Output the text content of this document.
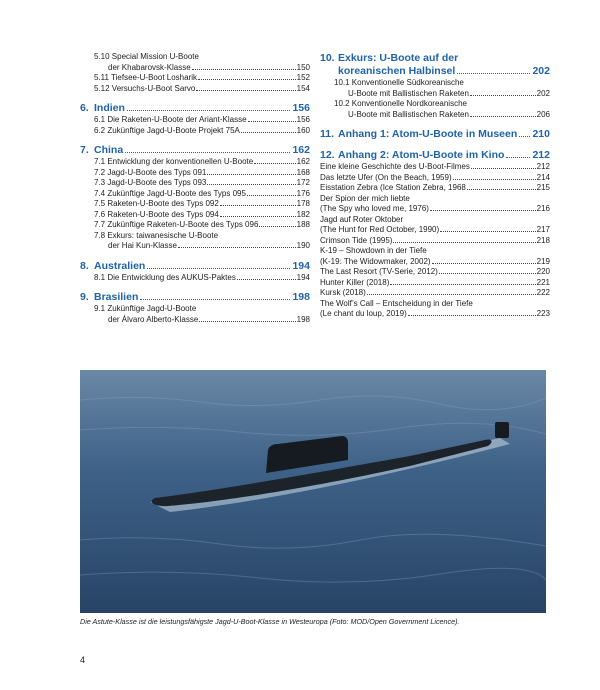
5.10 Special Mission U-Boote
der Khabarovsk-Klasse	150
5.11 Tiefsee-U-Boot Losharik	152
5.12 Versuchs-U-Boot Sarvo	154
6. Indien	156
6.1 Die Raketen-U-Boote der Ariant-Klasse	156
6.2 Zukünftige Jagd-U-Boote Projekt 75A	160
7. China	162
7.1 Entwicklung der konventionellen U-Boote	162
7.2 Jagd-U-Boote des Typs 091	168
7.3 Jagd-U-Boote des Typs 093	172
7.4 Zukünftige Jagd-U-Boote des Typs 095	176
7.5 Raketen-U-Boote des Typs 092	178
7.6 Raketen-U-Boote des Typs 094	182
7.7 Zukünftige Raketen-U-Boote des Typs 096	188
7.8 Exkurs: taiwanesische U-Boote
der Hai Kun-Klasse	190
8. Australien	194
8.1 Die Entwicklung des AUKUS-Paktes	194
9. Brasilien	198
9.1 Zukünftige Jagd-U-Boote
der Álvaro Alberto-Klasse	198
10. Exkurs: U-Boote auf der
koreanischen Halbinsel	202
10.1 Konventionelle Südkoreanische
U-Boote mit Ballistischen Raketen	202
10.2 Konventionelle Nordkoreanische
U-Boote mit Ballistischen Raketen	206
11. Anhang 1: Atom-U-Boote in Museen 210
12. Anhang 2: Atom-U-Boote im Kino	212
Eine kleine Geschichte des U-Boot-Filmes	212
Das letzte Ufer (On the Beach, 1959)	214
Eisstation Zebra (Ice Station Zebra, 1968	215
Der Spion der mich liebte
(The Spy who loved me, 1976)	216
Jagd auf Roter Oktober
(The Hunt for Red October, 1990)	217
Crimson Tide (1995)	218
K-19 – Showdown in der Tiefe
(K-19: The Widowmaker, 2002)	219
The Last Resort (TV-Serie, 2012)	220
Hunter Killer (2018)	221
Kursk (2018)	222
The Wolf’s Call – Entscheidung in der Tiefe
(Le chant du loup, 2019)	223
Die Astute-Klasse ist die leistungsfähigste Jagd-U-Boot-Klasse in Westeuropa (Foto: MOD/Open Government Licence).
4
